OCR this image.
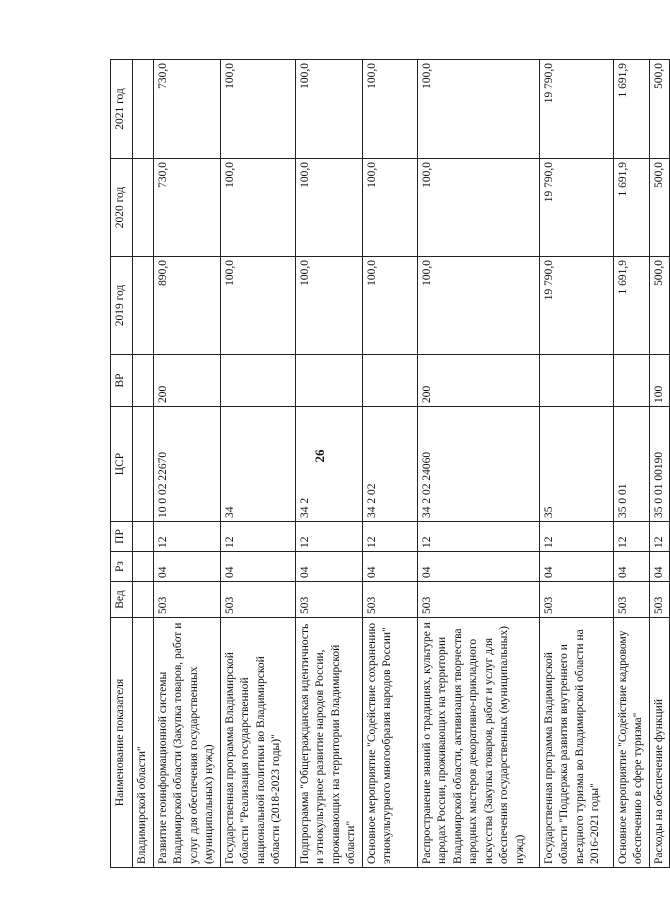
26
Наименование показателя	Вед	Рз	ПР	ЦСР	ВР	2019 год	2020 год	2021 год
Владимирской области"								
Развитие геоинформационной системы Владимирской области (Закупка товаров, работ и услуг для обеспечения государственных (муниципальных) нужд)	503	04	12	10 0 02 22670	200	890,0	730,0	730,0
Государственная программа Владимирской области "Реализация государственной национальной политики во Владимирской области (2018-2023 годы)"	503	04	12	34		100,0	100,0	100,0
Подпрограмма "Общегражданская идентичность и этнокультурное развитие народов России, проживающих на территории Владимирской области"	503	04	12	34 2		100,0	100,0	100,0
Основное мероприятие "Содействие сохранению этнокультурного многообразия народов России"	503	04	12	34 2 02		100,0	100,0	100,0
Распространение знаний о традициях, культуре и народах России, проживающих на территории Владимирской области, активизация творчества народных мастеров декоративно-прикладного искусства (Закупка товаров, работ и услуг для обеспечения государственных (муниципальных) нужд)	503	04	12	34 2 02 24060	200	100,0	100,0	100,0
Государственная программа Владимирской области "Поддержка развития внутреннего и въездного туризма во Владимирской области на 2016-2021 годы"	503	04	12	35		19 790,0	19 790,0	19 790,0
Основное мероприятие "Содействие кадровому обеспечению в сфере туризма"	503	04	12	35 0 01		1 691,9	1 691,9	1 691,9
Расходы на обеспечение функций	503	04	12	35 0 01 00190	100	500,0	500,0	500,0
